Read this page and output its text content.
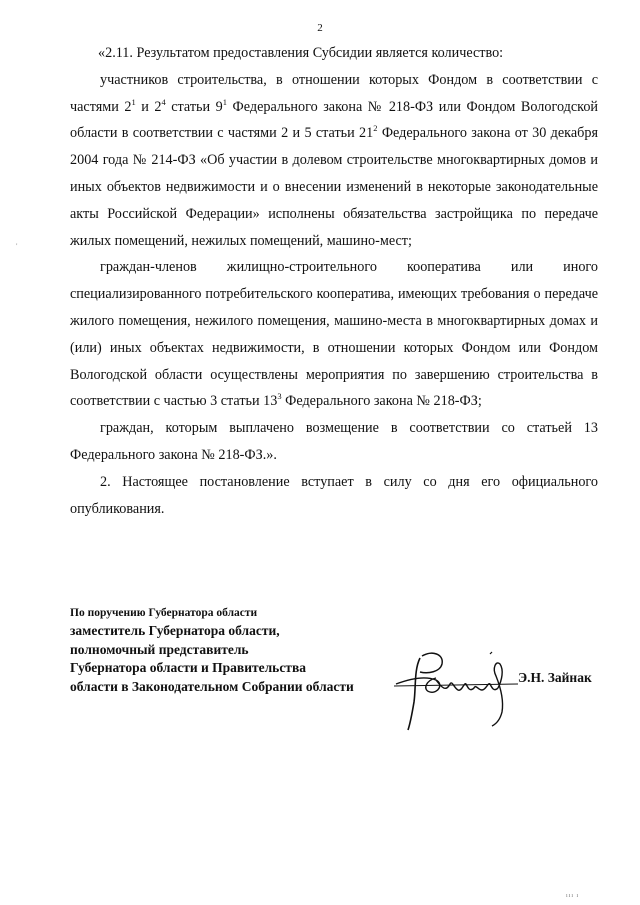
2
,

«2.11. Результатом предоставления Субсидии является количество:

участников строительства, в отношении которых Фондом в соответствии с частями $2^1$ и $2^4$ статьи $9^1$ Федерального закона № 218-ФЗ или Фондом Вологодской области в соответствии с частями 2 и 5 статьи $21^2$ Федерального закона от 30 декабря 2004 года № 214-ФЗ «Об участии в долевом строительстве многоквартирных домов и иных объектов недвижимости и о внесении изменений в некоторые законодательные акты Российской Федерации» исполнены обязательства застройщика по передаче жилых помещений, нежилых помещений, машино-мест;

граждан-членов жилищно-строительного кооператива или иного специализированного потребительского кооператива, имеющих требования о передаче жилого помещения, нежилого помещения, машино-места в многоквартирных домах и (или) иных объектах недвижимости, в отношении которых Фондом или Фондом Вологодской области осуществлены мероприятия по завершению строительства в соответствии с частью 3 статьи $13^3$ Федерального закона № 218-ФЗ;

граждан, которым выплачено возмещение в соответствии со статьей 13 Федерального закона № 218-ФЗ.».

2. Настоящее постановление вступает в силу со дня его официального опубликования.

По поручению Губернатора области
заместитель Губернатора области,
полномочный представитель
Губернатора области и Правительства
области в Законодательном Собрании области
Э.Н. Зайнак
ııı ı
